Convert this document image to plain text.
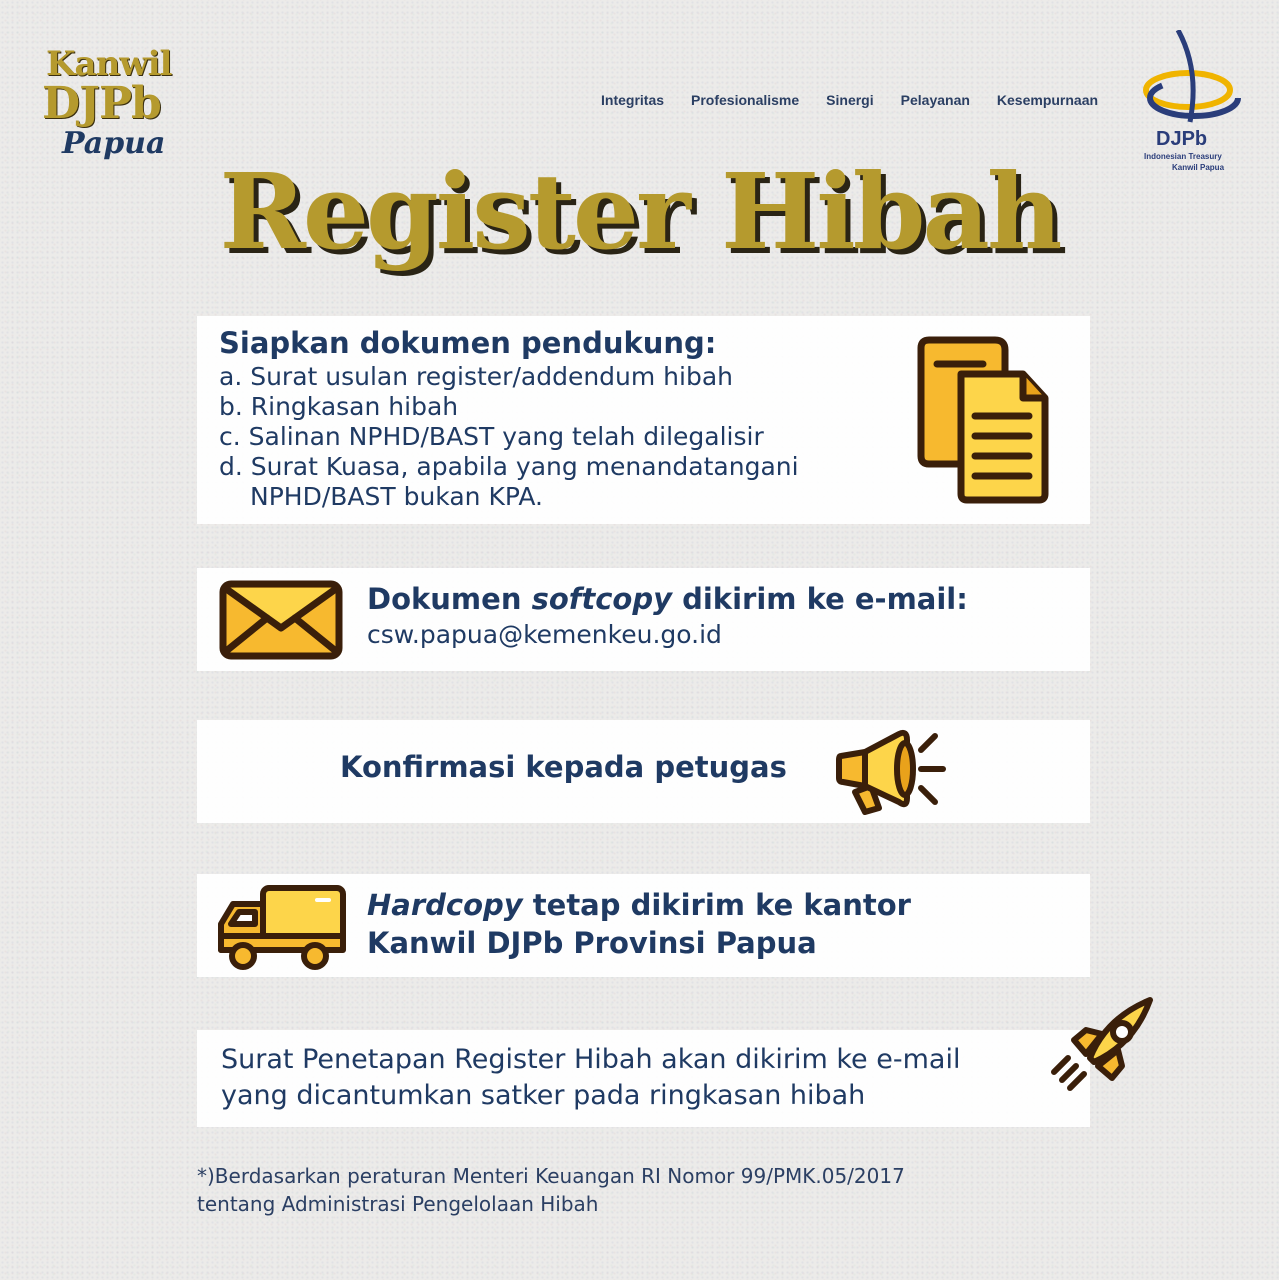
Kanwil
DJPb
Papua
Integritas Profesionalisme Sinergi Pelayanan Kesempurnaan
DJPb
Indonesian Treasury
Kanwil Papua
Register Hibah
Siapkan dokumen pendukung:
a. Surat usulan register/addendum hibah
b. Ringkasan hibah
c. Salinan NPHD/BAST yang telah dilegalisir
d. Surat Kuasa, apabila yang menandatangani
NPHD/BAST bukan KPA.
Dokumen softcopy dikirim ke e-mail:
csw.papua@kemenkeu.go.id
Konfirmasi kepada petugas
Hardcopy tetap dikirim ke kantor
Kanwil DJPb Provinsi Papua
Surat Penetapan Register Hibah akan dikirim ke e-mail
yang dicantumkan satker pada ringkasan hibah
*)Berdasarkan peraturan Menteri Keuangan RI Nomor 99/PMK.05/2017
tentang Administrasi Pengelolaan Hibah
